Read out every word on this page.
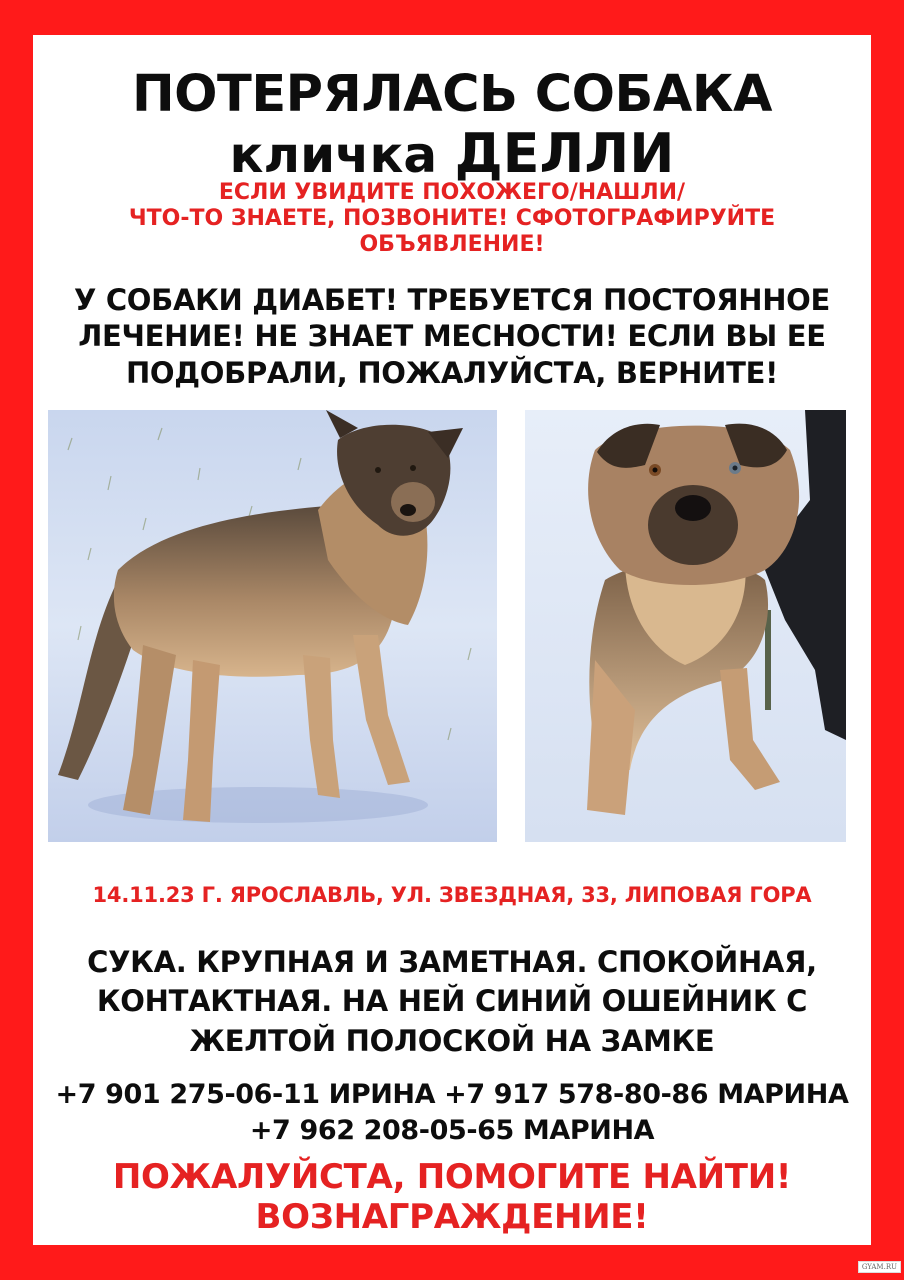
ПОТЕРЯЛАСЬ СОБАКА
кличка ДЕЛЛИ
ЕСЛИ УВИДИТЕ ПОХОЖЕГО/НАШЛИ/
ЧТО-ТО ЗНАЕТЕ, ПОЗВОНИТЕ! СФОТОГРАФИРУЙТЕ
ОБЪЯВЛЕНИЕ!
У СОБАКИ ДИАБЕТ! ТРЕБУЕТСЯ ПОСТОЯННОЕ
ЛЕЧЕНИЕ! НЕ ЗНАЕТ МЕСНОСТИ! ЕСЛИ ВЫ ЕЕ
ПОДОБРАЛИ, ПОЖАЛУЙСТА, ВЕРНИТЕ!
14.11.23 Г. ЯРОСЛАВЛЬ, УЛ. ЗВЕЗДНАЯ, 33, ЛИПОВАЯ ГОРА
СУКА. КРУПНАЯ И ЗАМЕТНАЯ. СПОКОЙНАЯ,
КОНТАКТНАЯ. НА НЕЙ СИНИЙ ОШЕЙНИК С
ЖЕЛТОЙ ПОЛОСКОЙ НА ЗАМКЕ
+7 901 275-06-11 ИРИНА +7 917 578-80-86 МАРИНА
+7 962 208-05-65 МАРИНА
ПОЖАЛУЙСТА, ПОМОГИТЕ НАЙТИ!
ВОЗНАГРАЖДЕНИЕ!
GYAM.RU
